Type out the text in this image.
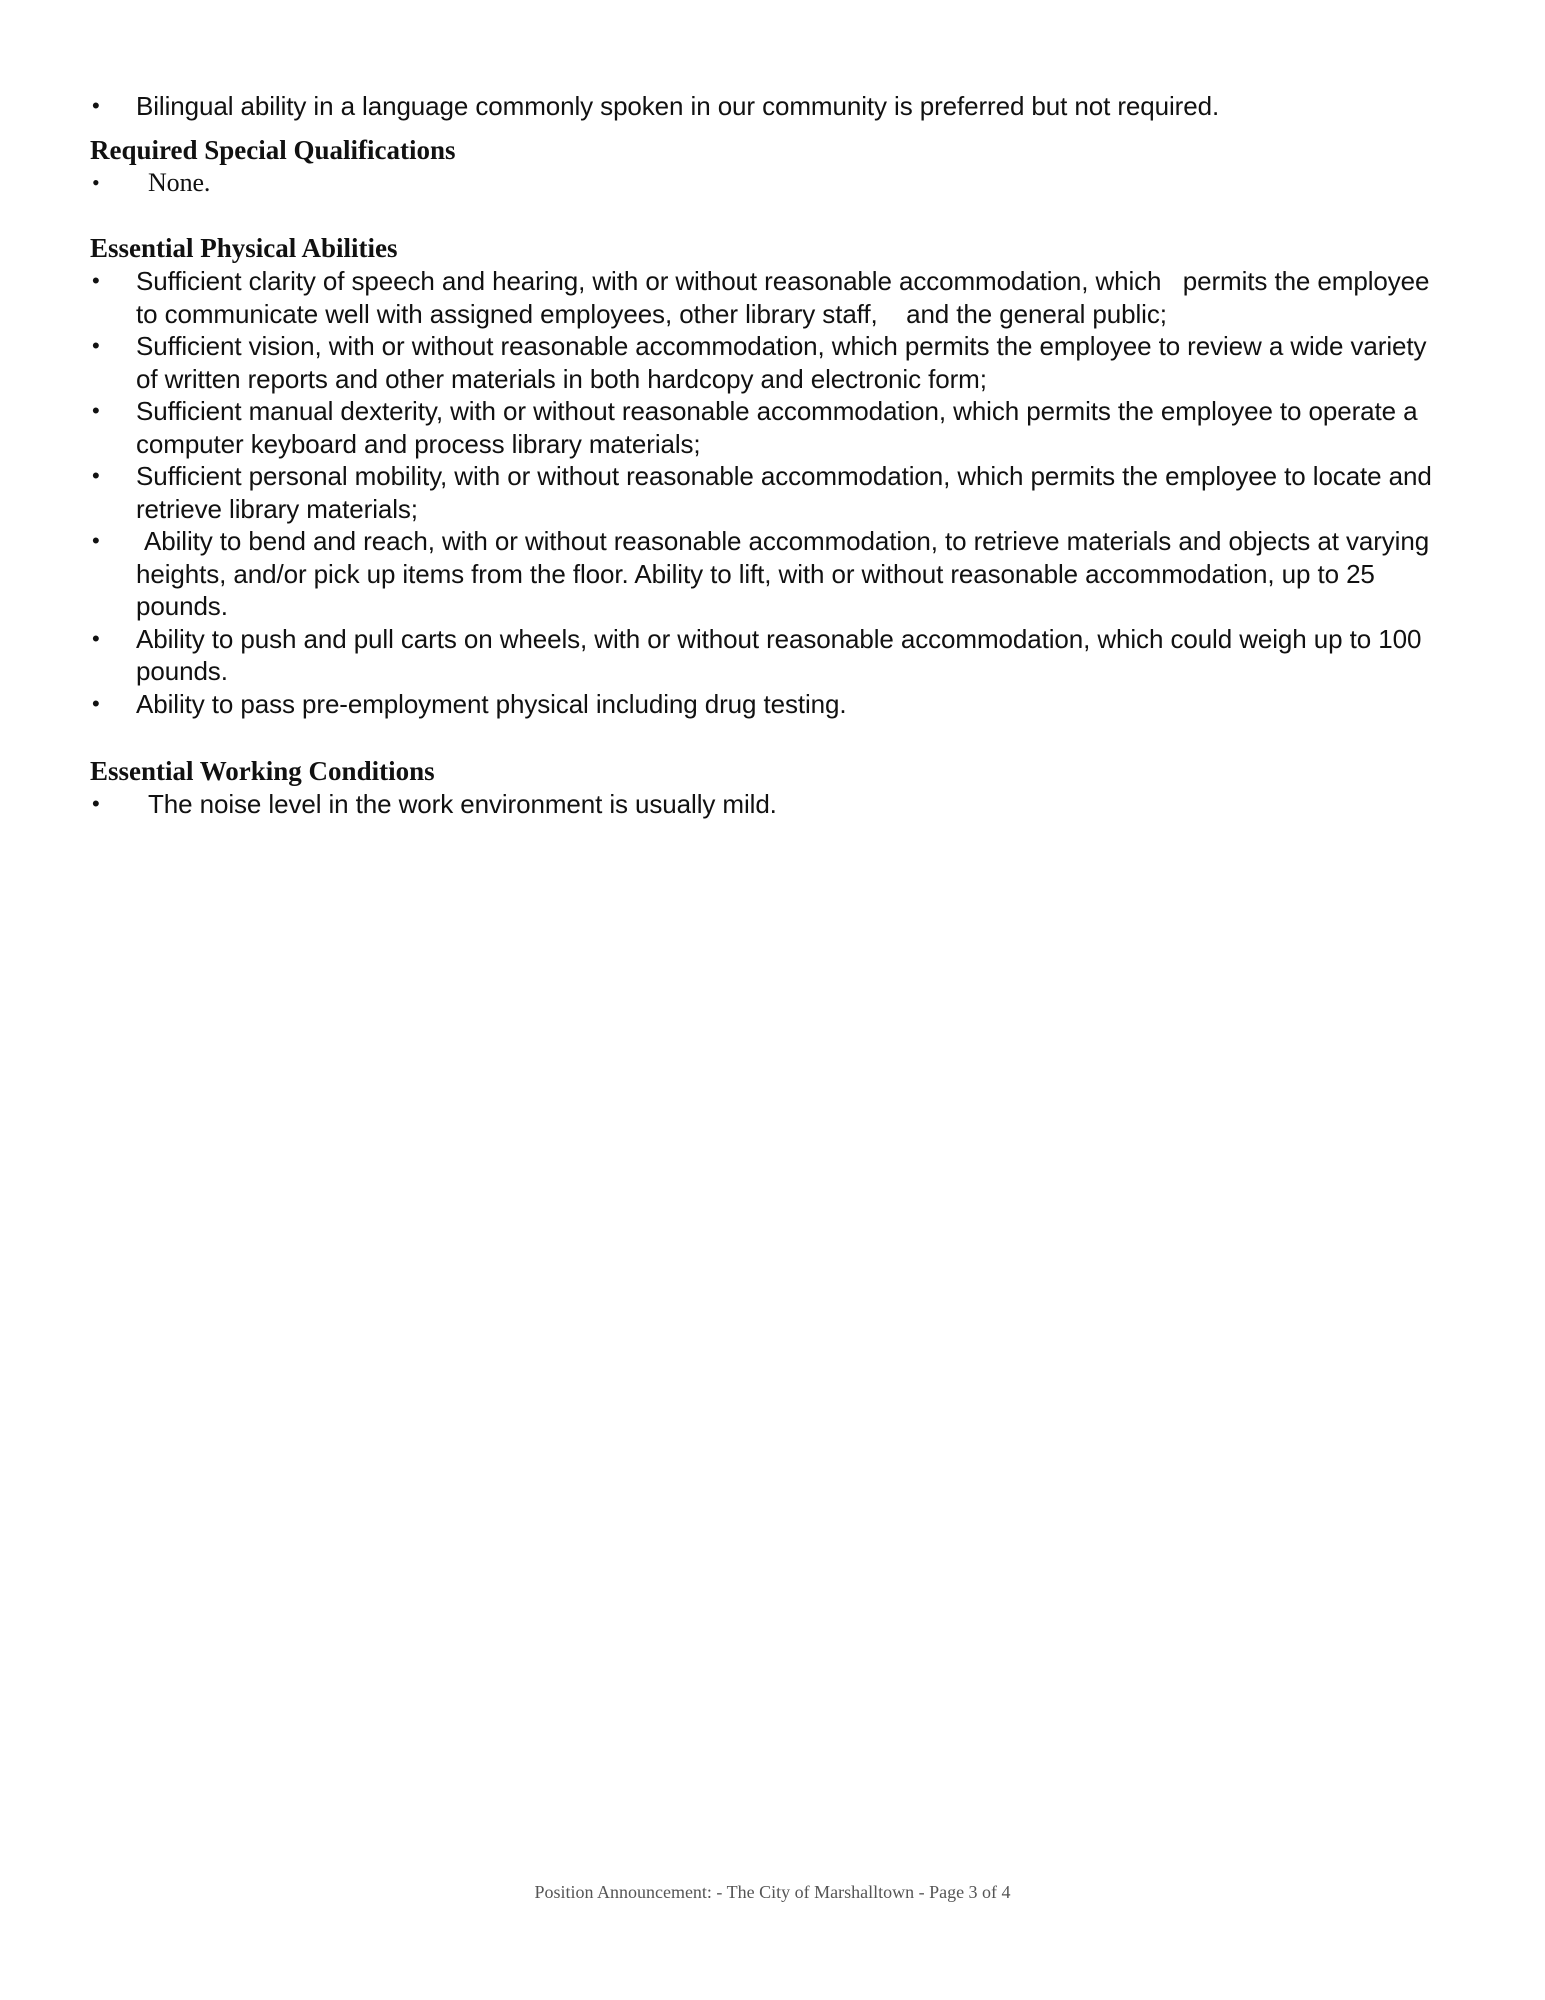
•	Bilingual ability in a language commonly spoken in our community is preferred but not required.
Required Special Qualifications
•	None.
Essential Physical Abilities
•	Sufficient clarity of speech and hearing, with or without reasonable accommodation, which   permits the employee to communicate well with assigned employees, other library staff,    and the general public;
•	Sufficient vision, with or without reasonable accommodation, which permits the employee to review a wide variety of written reports and other materials in both hardcopy and electronic form;
•	Sufficient manual dexterity, with or without reasonable accommodation, which permits the employee to operate a computer keyboard and process library materials;
•	Sufficient personal mobility, with or without reasonable accommodation, which permits the employee to locate and retrieve library materials;
•	Ability to bend and reach, with or without reasonable accommodation, to retrieve materials and objects at varying heights, and/or pick up items from the floor. Ability to lift, with or without reasonable accommodation, up to 25 pounds.
•	Ability to push and pull carts on wheels, with or without reasonable accommodation, which could weigh up to 100 pounds.
•	Ability to pass pre-employment physical including drug testing.
Essential Working Conditions
•	The noise level in the work environment is usually mild.
Position Announcement: - The City of Marshalltown - Page 3 of 4
